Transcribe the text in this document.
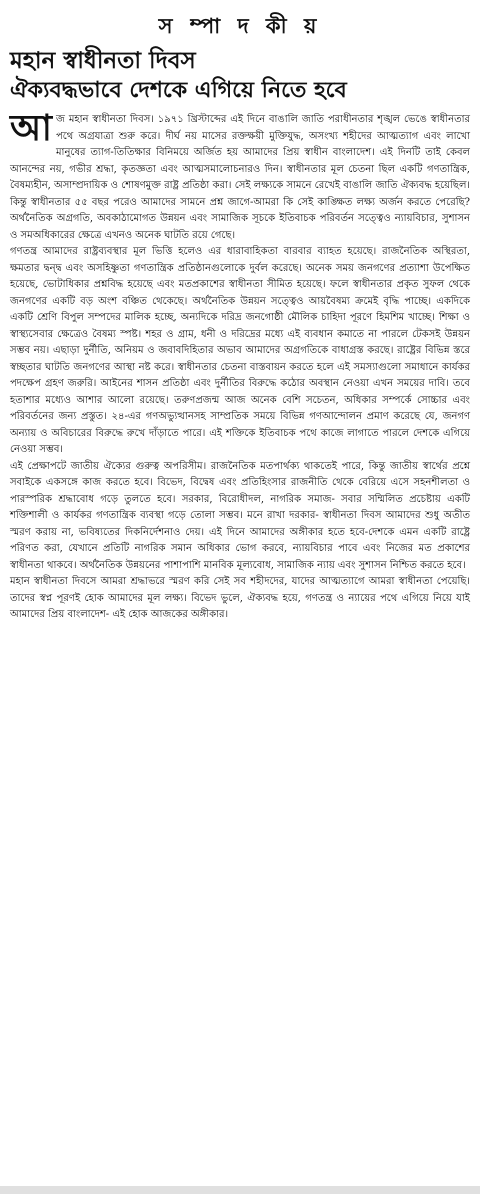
স ম্পা দ কী য়
মহান স্বাধীনতা দিবস
ঐক্যবদ্ধভাবে দেশকে এগিয়ে নিতে হবে

আজ মহান স্বাধীনতা দিবস। ১৯৭১ খ্রিস্টাব্দের এই দিনে বাঙালি জাতি পরাধীনতার শৃঙ্খল ভেঙে স্বাধীনতার পথে অগ্রযাত্রা শুরু করে। দীর্ঘ নয় মাসের রক্তক্ষয়ী মুক্তিযুদ্ধ, অসংখ্য শহীদের আত্মত্যাগ এবং লাখো মানুষের ত্যাগ-তিতিক্ষার বিনিময়ে অর্জিত হয় আমাদের প্রিয় স্বাধীন বাংলাদেশ। এই দিনটি তাই কেবল আনন্দের নয়, গভীর শ্রদ্ধা, কৃতজ্ঞতা এবং আত্মসমালোচনারও দিন। স্বাধীনতার মূল চেতনা ছিল একটি গণতান্ত্রিক, বৈষম্যহীন, অসাম্প্রদায়িক ও শোষণমুক্ত রাষ্ট্র প্রতিষ্ঠা করা। সেই লক্ষ্যকে সামনে রেখেই বাঙালি জাতি ঐক্যবদ্ধ হয়েছিল। কিন্তু স্বাধীনতার ৫৫ বছর পরেও আমাদের সামনে প্রশ্ন জাগে-আমরা কি সেই কাঙ্ক্ষিত লক্ষ্য অর্জন করতে পেরেছি? অর্থনৈতিক অগ্রগতি, অবকাঠামোগত উন্নয়ন এবং সামাজিক সূচকে ইতিবাচক পরিবর্তন সত্ত্বেও ন্যায়বিচার, সুশাসন ও সমঅধিকারের ক্ষেত্রে এখনও অনেক ঘাটতি রয়ে গেছে।

গণতন্ত্র আমাদের রাষ্ট্রব্যবস্থার মূল ভিত্তি হলেও এর ধারাবাহিকতা বারবার ব্যাহত হয়েছে। রাজনৈতিক অস্থিরতা, ক্ষমতার দ্বন্দ্ব এবং অসহিষ্ণুতা গণতান্ত্রিক প্রতিষ্ঠানগুলোকে দুর্বল করেছে। অনেক সময় জনগণের প্রত্যাশা উপেক্ষিত হয়েছে, ভোটাধিকার প্রশ্নবিদ্ধ হয়েছে এবং মতপ্রকাশের স্বাধীনতা সীমিত হয়েছে। ফলে স্বাধীনতার প্রকৃত সুফল থেকে জনগণের একটি বড় অংশ বঞ্চিত থেকেছে। অর্থনৈতিক উন্নয়ন সত্ত্বেও আয়বৈষম্য ক্রমেই বৃদ্ধি পাচ্ছে। একদিকে একটি শ্রেণি বিপুল সম্পদের মালিক হচ্ছে, অন্যদিকে দরিদ্র জনগোষ্ঠী মৌলিক চাহিদা পূরণে হিমশিম খাচ্ছে। শিক্ষা ও স্বাস্থ্যসেবার ক্ষেত্রেও বৈষম্য স্পষ্ট। শহর ও গ্রাম, ধনী ও দরিদ্রের মধ্যে এই ব্যবধান কমাতে না পারলে টেকসই উন্নয়ন সম্ভব নয়। এছাড়া দুর্নীতি, অনিয়ম ও জবাবদিহিতার অভাব আমাদের অগ্রগতিকে বাধাগ্রস্ত করছে। রাষ্ট্রের বিভিন্ন স্তরে স্বচ্ছতার ঘাটতি জনগণের আস্থা নষ্ট করে। স্বাধীনতার চেতনা বাস্তবায়ন করতে হলে এই সমস্যাগুলো সমাধানে কার্যকর পদক্ষেপ গ্রহণ জরুরি। আইনের শাসন প্রতিষ্ঠা এবং দুর্নীতির বিরুদ্ধে কঠোর অবস্থান নেওয়া এখন সময়ের দাবি। তবে হতাশার মধ্যেও আশার আলো রয়েছে। তরুণপ্রজন্ম আজ অনেক বেশি সচেতন, অধিকার সম্পর্কে সোচ্চার এবং পরিবর্তনের জন্য প্রস্তুত। ২৪-এর গণঅভ্যুত্থানসহ সাম্প্রতিক সময়ে বিভিন্ন গণআন্দোলন প্রমাণ করেছে যে, জনগণ অন্যায় ও অবিচারের বিরুদ্ধে রুখে দাঁড়াতে পারে। এই শক্তিকে ইতিবাচক পথে কাজে লাগাতে পারলে দেশকে এগিয়ে নেওয়া সম্ভব।

এই প্রেক্ষাপটে জাতীয় ঐক্যের গুরুত্ব অপরিসীম। রাজনৈতিক মতপার্থক্য থাকতেই পারে, কিন্তু জাতীয় স্বার্থের প্রশ্নে সবাইকে একসঙ্গে কাজ করতে হবে। বিভেদ, বিদ্বেষ এবং প্রতিহিংসার রাজনীতি থেকে বেরিয়ে এসে সহনশীলতা ও পারস্পরিক শ্রদ্ধাবোধ গড়ে তুলতে হবে। সরকার, বিরোধীদল, নাগরিক সমাজ- সবার সম্মিলিত প্রচেষ্টায় একটি শক্তিশালী ও কার্যকর গণতান্ত্রিক ব্যবস্থা গড়ে তোলা সম্ভব। মনে রাখা দরকার- স্বাধীনতা দিবস আমাদের শুধু অতীত স্মরণ করায় না, ভবিষ্যতের দিকনির্দেশনাও দেয়। এই দিনে আমাদের অঙ্গীকার হতে হবে-দেশকে এমন একটি রাষ্ট্রে পরিণত করা, যেখানে প্রতিটি নাগরিক সমান অধিকার ভোগ করবে, ন্যায়বিচার পাবে এবং নিজের মত প্রকাশের স্বাধীনতা থাকবে। অর্থনৈতিক উন্নয়নের পাশাপাশি মানবিক মূল্যবোধ, সামাজিক ন্যায় এবং সুশাসন নিশ্চিত করতে হবে।

মহান স্বাধীনতা দিবসে আমরা শ্রদ্ধাভরে স্মরণ করি সেই সব শহীদদের, যাদের আত্মত্যাগে আমরা স্বাধীনতা পেয়েছি। তাদের স্বপ্ন পূরণই হোক আমাদের মূল লক্ষ্য। বিভেদ ভুলে, ঐক্যবদ্ধ হয়ে, গণতন্ত্র ও ন্যায়ের পথে এগিয়ে নিয়ে যাই আমাদের প্রিয় বাংলাদেশ- এই হোক আজকের অঙ্গীকার।
